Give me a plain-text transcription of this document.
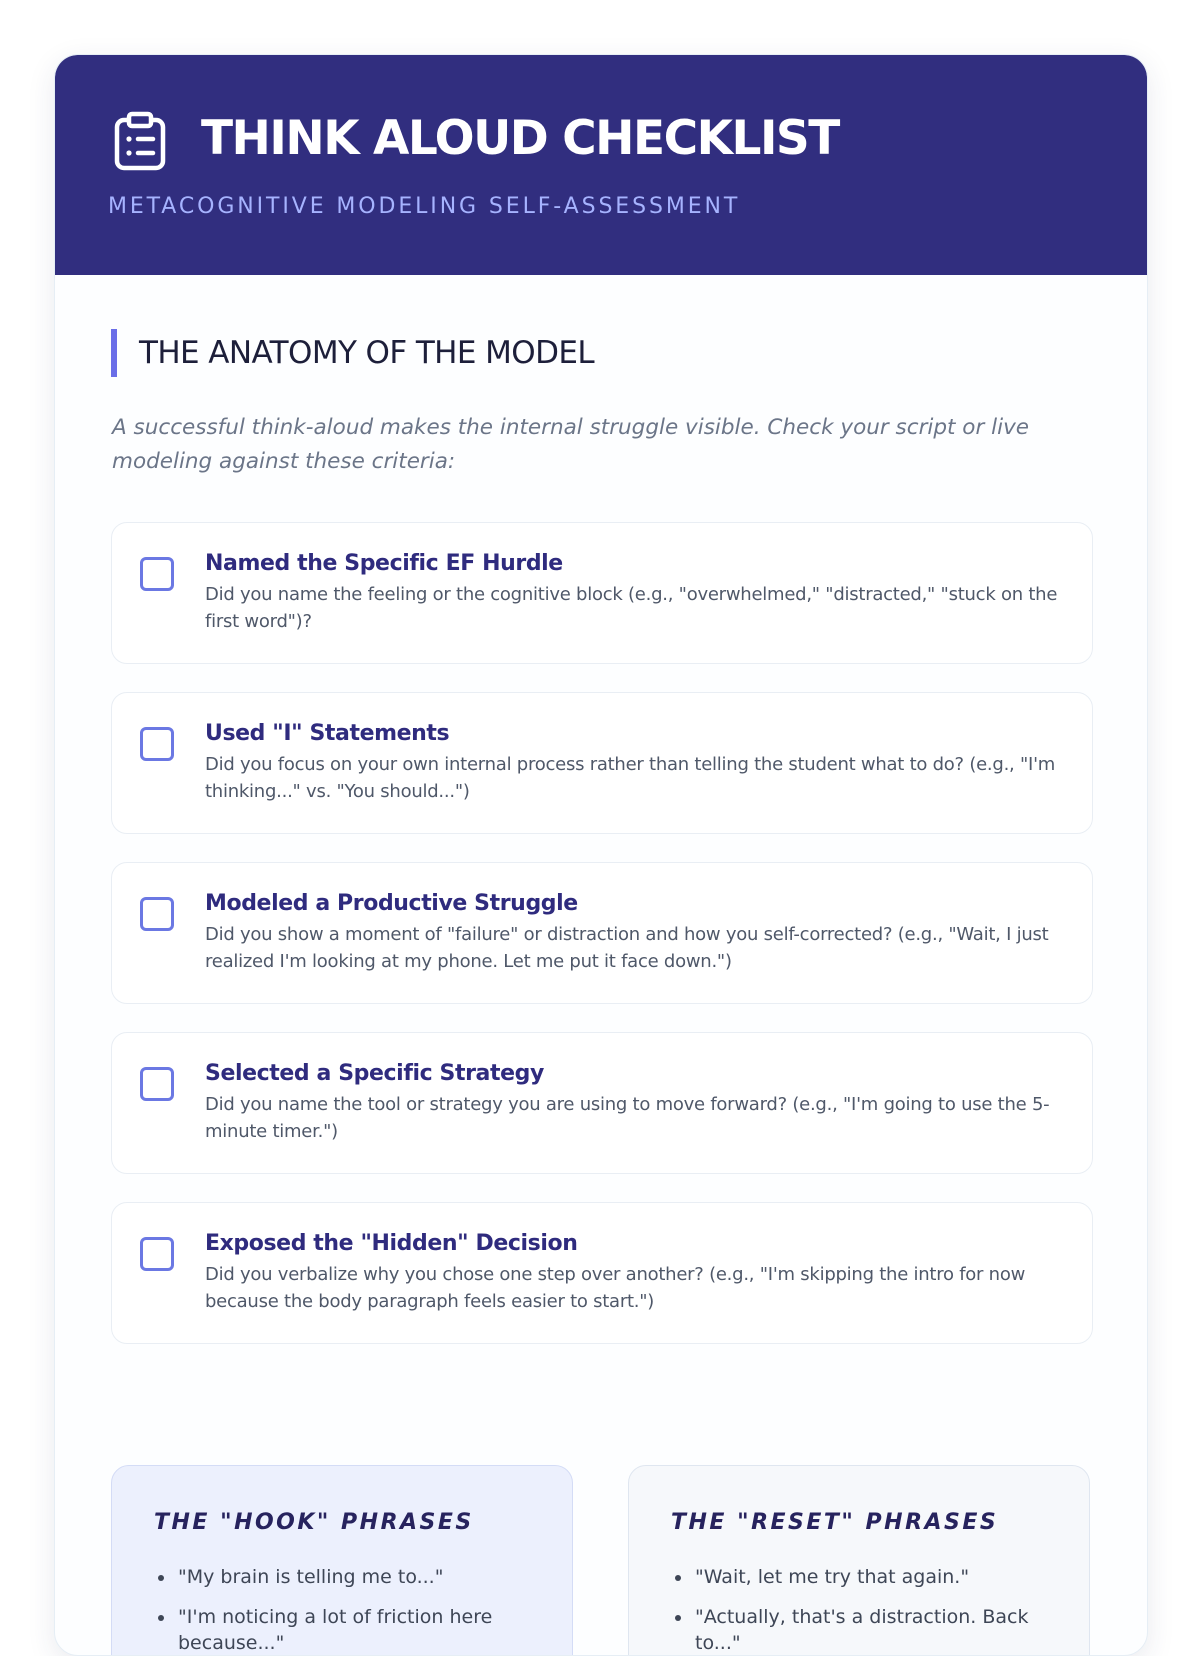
THINK ALOUD CHECKLIST
METACOGNITIVE MODELING SELF-ASSESSMENT
THE ANATOMY OF THE MODEL
A successful think-aloud makes the internal struggle visible. Check your script or live modeling against these criteria:
Named the Specific EF Hurdle
Did you name the feeling or the cognitive block (e.g., "overwhelmed," "distracted," "stuck on the first word")?
Used "I" Statements
Did you focus on your own internal process rather than telling the student what to do? (e.g., "I'm thinking..." vs. "You should...")
Modeled a Productive Struggle
Did you show a moment of "failure" or distraction and how you self-corrected? (e.g., "Wait, I just realized I'm looking at my phone. Let me put it face down.")
Selected a Specific Strategy
Did you name the tool or strategy you are using to move forward? (e.g., "I'm going to use the 5-minute timer.")
Exposed the "Hidden" Decision
Did you verbalize why you chose one step over another? (e.g., "I'm skipping the intro for now because the body paragraph feels easier to start.")
THE "HOOK" PHRASES
• "My brain is telling me to..."
• "I'm noticing a lot of friction here because..."
THE "RESET" PHRASES
• "Wait, let me try that again."
• "Actually, that's a distraction. Back to..."
